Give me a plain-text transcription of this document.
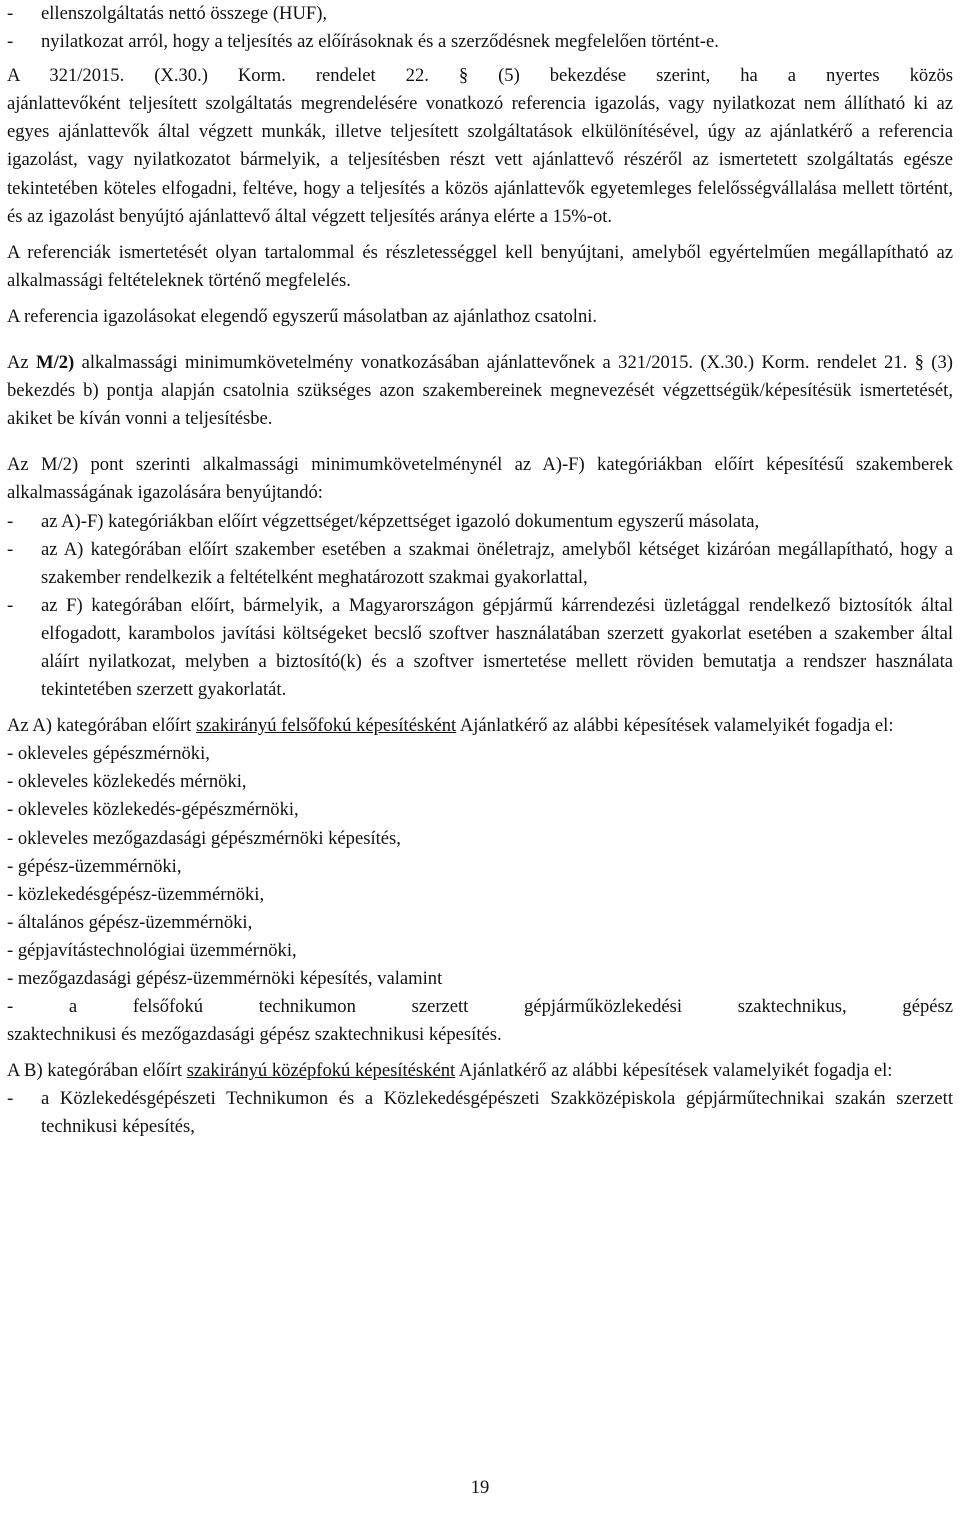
- ellenszolgáltatás nettó összege (HUF),
- nyilatkozat arról, hogy a teljesítés az előírásoknak és a szerződésnek megfelelően történt-e.

A 321/2015. (X.30.) Korm. rendelet 22. § (5) bekezdése szerint, ha a nyertes közös

ajánlattevőként teljesített szolgáltatás megrendelésére vonatkozó referencia igazolás, vagy nyilatkozat nem állítható ki az egyes ajánlattevők által végzett munkák, illetve teljesített szolgáltatások elkülönítésével, úgy az ajánlatkérő a referencia igazolást, vagy nyilatkozatot bármelyik, a teljesítésben részt vett ajánlattevő részéről az ismertetett szolgáltatás egésze tekintetében köteles elfogadni, feltéve, hogy a teljesítés a közös ajánlattevők egyetemleges felelősségvállalása mellett történt, és az igazolást benyújtó ajánlattevő által végzett teljesítés aránya elérte a 15%-ot.

A referenciák ismertetését olyan tartalommal és részletességgel kell benyújtani, amelyből egyértelműen megállapítható az alkalmassági feltételeknek történő megfelelés.

A referencia igazolásokat elegendő egyszerű másolatban az ajánlathoz csatolni.

Az M/2) alkalmassági minimumkövetelmény vonatkozásában ajánlattevőnek a 321/2015. (X.30.) Korm. rendelet 21. § (3) bekezdés b) pontja alapján csatolnia szükséges azon szakembereinek megnevezését végzettségük/képesítésük ismertetését, akiket be kíván vonni a teljesítésbe.

Az M/2) pont szerinti alkalmassági minimumkövetelménynél az A)-F) kategóriákban előírt képesítésű szakemberek alkalmasságának igazolására benyújtandó:

- az A)-F) kategóriákban előírt végzettséget/képzettséget igazoló dokumentum egyszerű másolata,
- az A) kategórában előírt szakember esetében a szakmai önéletrajz, amelyből kétséget kizáróan megállapítható, hogy a szakember rendelkezik a feltételként meghatározott szakmai gyakorlattal,
- az F) kategórában előírt, bármelyik, a Magyarországon gépjármű kárrendezési üzletággal rendelkező biztosítók által elfogadott, karambolos javítási költségeket becslő szoftver használatában szerzett gyakorlat esetében a szakember által aláírt nyilatkozat, melyben a biztosító(k) és a szoftver ismertetése mellett röviden bemutatja a rendszer használata tekintetében szerzett gyakorlatát.

Az A) kategórában előírt szakirányú felsőfokú képesítésként Ajánlatkérő az alábbi képesítések valamelyikét fogadja el:

- okleveles gépészmérnöki,
- okleveles közlekedés mérnöki,
- okleveles közlekedés-gépészmérnöki,
- okleveles mezőgazdasági gépészmérnöki képesítés,
- gépész-üzemmérnöki,
- közlekedésgépész-üzemmérnöki,
- általános gépész-üzemmérnöki,
- gépjavítástechnológiai üzemmérnöki,
- mezőgazdasági gépész-üzemmérnöki képesítés, valamint

- a felsőfokú technikumon szerzett gépjárműközlekedési szaktechnikus, gépész

szaktechnikusi és mezőgazdasági gépész szaktechnikusi képesítés.

A B) kategórában előírt szakirányú középfokú képesítésként Ajánlatkérő az alábbi képesítések valamelyikét fogadja el:

- a Közlekedésgépészeti Technikumon és a Közlekedésgépészeti Szakközépiskola gépjárműtechnikai szakán szerzett technikusi képesítés,
19
